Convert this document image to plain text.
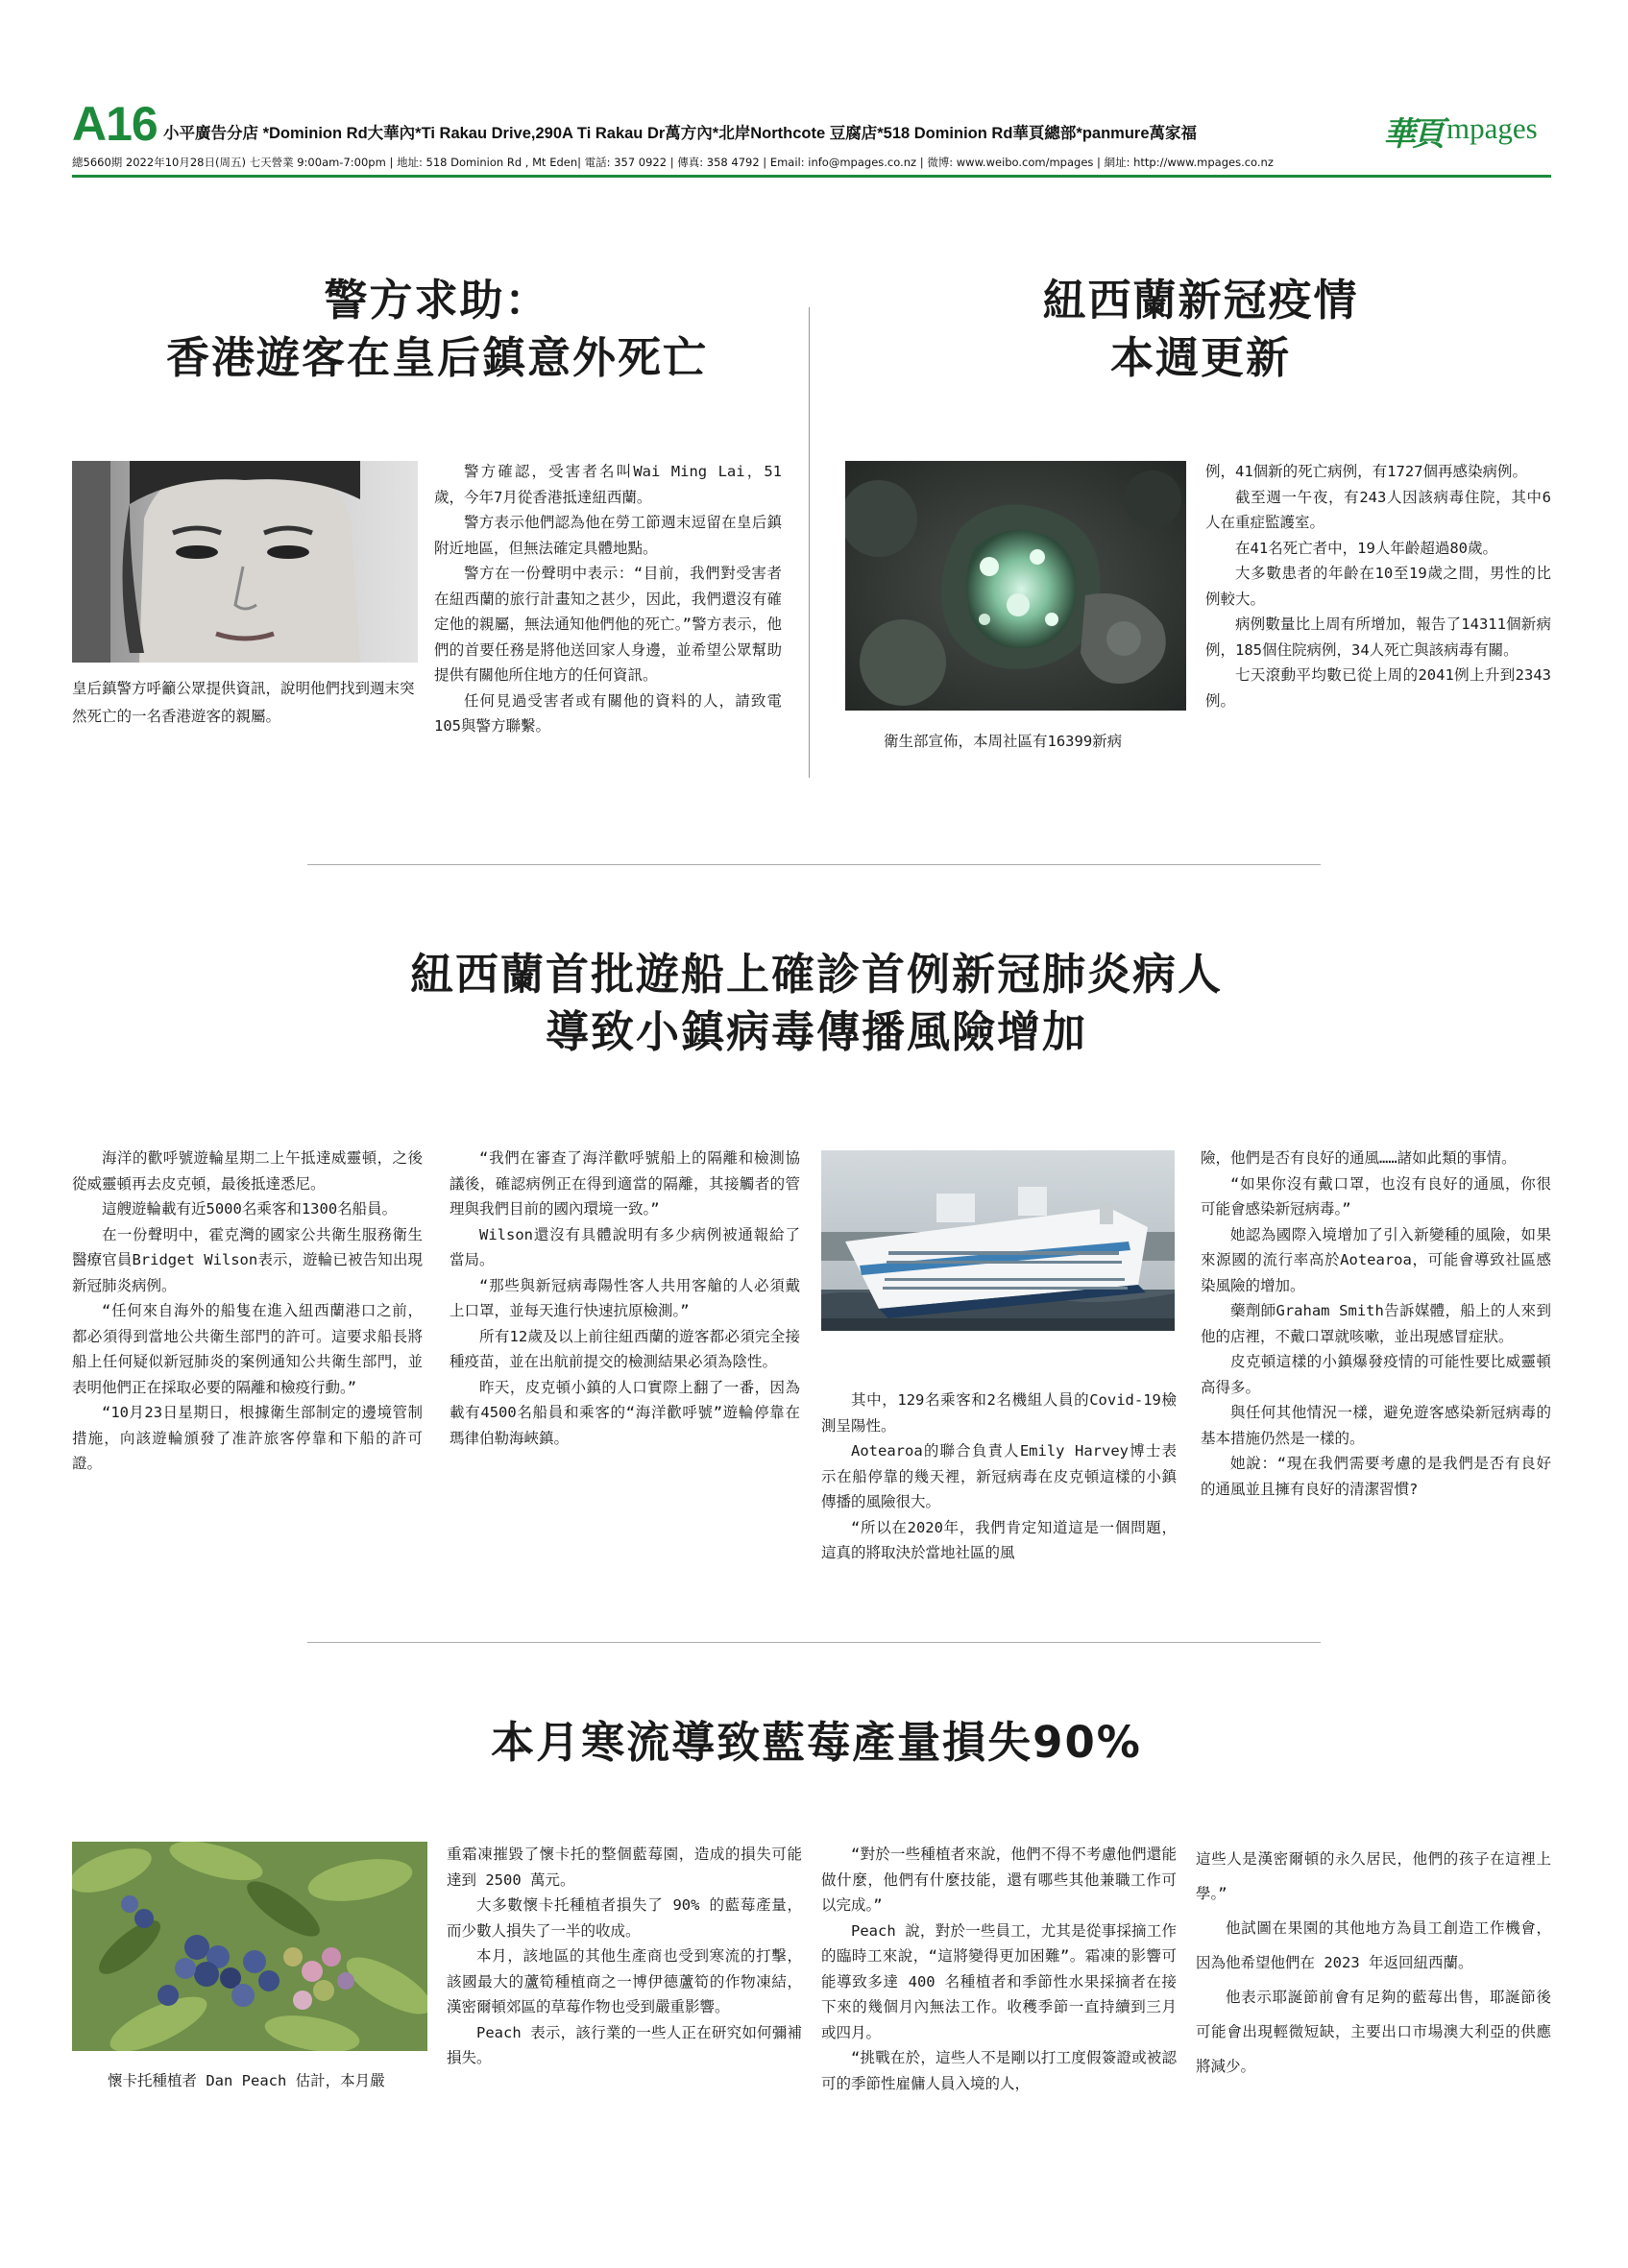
A16 小平廣告分店 *Dominion Rd大華內*Ti Rakau Drive,290A Ti Rakau Dr萬方內*北岸Northcote 豆腐店*518 Dominion Rd華頁總部*panmure萬家福
總5660期 2022年10月28日(周五) 七天營業 9:00am-7:00pm | 地址: 518 Dominion Rd , Mt Eden| 電話: 357 0922 | 傳真: 358 4792 | Email: info@mpages.co.nz | 微博: www.weibo.com/mpages | 網址: http://www.mpages.co.nz
華頁 mpages
警方求助：
香港遊客在皇后鎮意外死亡
皇后鎮警方呼籲公眾提供資訊，說明他們找到週末突然死亡的一名香港遊客的親屬。

警方確認，受害者名叫Wai Ming Lai，51歲，今年7月從香港抵達紐西蘭。

警方表示他們認為他在勞工節週末逗留在皇后鎮附近地區，但無法確定具體地點。

警方在一份聲明中表示：“目前，我們對受害者在紐西蘭的旅行計畫知之甚少，因此，我們還沒有確定他的親屬，無法通知他們他的死亡。”警方表示，他們的首要任務是將他送回家人身邊，並希望公眾幫助提供有關他所住地方的任何資訊。

任何見過受害者或有關他的資料的人，請致電105與警方聯繫。

紐西蘭新冠疫情
本週更新
衛生部宣佈，本周社區有16399新病

例，41個新的死亡病例，有1727個再感染病例。

截至週一午夜，有243人因該病毒住院，其中6人在重症監護室。

在41名死亡者中，19人年齡超過80歲。

大多數患者的年齡在10至19歲之間，男性的比例較大。

病例數量比上周有所增加，報告了14311個新病例，185個住院病例，34人死亡與該病毒有關。

七天滾動平均數已從上周的2041例上升到2343例。

紐西蘭首批遊船上確診首例新冠肺炎病人
導致小鎮病毒傳播風險增加

海洋的歡呼號遊輪星期二上午抵達威靈頓，之後從威靈頓再去皮克頓，最後抵達悉尼。

這艘遊輪載有近5000名乘客和1300名船員。

在一份聲明中，霍克灣的國家公共衛生服務衛生醫療官員Bridget Wilson表示，遊輪已被告知出現新冠肺炎病例。

“任何來自海外的船隻在進入紐西蘭港口之前，都必須得到當地公共衛生部門的許可。這要求船長將船上任何疑似新冠肺炎的案例通知公共衛生部門，並表明他們正在採取必要的隔離和檢疫行動。”

“10月23日星期日，根據衛生部制定的邊境管制措施，向該遊輪頒發了准許旅客停靠和下船的許可證。

“我們在審查了海洋歡呼號船上的隔離和檢測協議後，確認病例正在得到適當的隔離，其接觸者的管理與我們目前的國內環境一致。”

Wilson還沒有具體說明有多少病例被通報給了當局。

“那些與新冠病毒陽性客人共用客艙的人必須戴上口罩，並每天進行快速抗原檢測。”

所有12歲及以上前往紐西蘭的遊客都必須完全接種疫苗，並在出航前提交的檢測結果必須為陰性。

昨天，皮克頓小鎮的人口實際上翻了一番，因為載有4500名船員和乘客的“海洋歡呼號”遊輪停靠在瑪律伯勒海峽鎮。

其中，129名乘客和2名機組人員的Covid-19檢測呈陽性。

Aotearoa的聯合負責人Emily Harvey博士表示在船停靠的幾天裡，新冠病毒在皮克頓這樣的小鎮傳播的風險很大。

“所以在2020年，我們肯定知道這是一個問題，這真的將取決於當地社區的風

險，他們是否有良好的通風……諸如此類的事情。

“如果你沒有戴口罩，也沒有良好的通風，你很可能會感染新冠病毒。”

她認為國際入境增加了引入新變種的風險，如果來源國的流行率高於Aotearoa，可能會導致社區感染風險的增加。

藥劑師Graham Smith告訴媒體，船上的人來到他的店裡，不戴口罩就咳嗽，並出現感冒症狀。

皮克頓這樣的小鎮爆發疫情的可能性要比威靈頓高得多。

與任何其他情況一樣，避免遊客感染新冠病毒的基本措施仍然是一樣的。

她說：“現在我們需要考慮的是我們是否有良好的通風並且擁有良好的清潔習慣?

本月寒流導致藍莓產量損失90%
懷卡托種植者 Dan Peach 估計，本月嚴

重霜凍摧毀了懷卡托的整個藍莓園，造成的損失可能達到 2500 萬元。

大多數懷卡托種植者損失了 90% 的藍莓產量，而少數人損失了一半的收成。

本月，該地區的其他生產商也受到寒流的打擊，該國最大的蘆筍種植商之一博伊德蘆筍的作物凍結，漢密爾頓郊區的草莓作物也受到嚴重影響。

Peach 表示，該行業的一些人正在研究如何彌補損失。

“對於一些種植者來說，他們不得不考慮他們還能做什麼，他們有什麼技能，還有哪些其他兼職工作可以完成。”

Peach 說，對於一些員工，尤其是從事採摘工作的臨時工來說，“這將變得更加困難”。霜凍的影響可能導致多達 400 名種植者和季節性水果採摘者在接下來的幾個月內無法工作。收穫季節一直持續到三月或四月。

“挑戰在於，這些人不是剛以打工度假簽證或被認可的季節性雇傭人員入境的人，

這些人是漢密爾頓的永久居民，他們的孩子在這裡上學。”

他試圖在果園的其他地方為員工創造工作機會，因為他希望他們在 2023 年返回紐西蘭。

他表示耶誕節前會有足夠的藍莓出售，耶誕節後可能會出現輕微短缺，主要出口市場澳大利亞的供應將減少。
